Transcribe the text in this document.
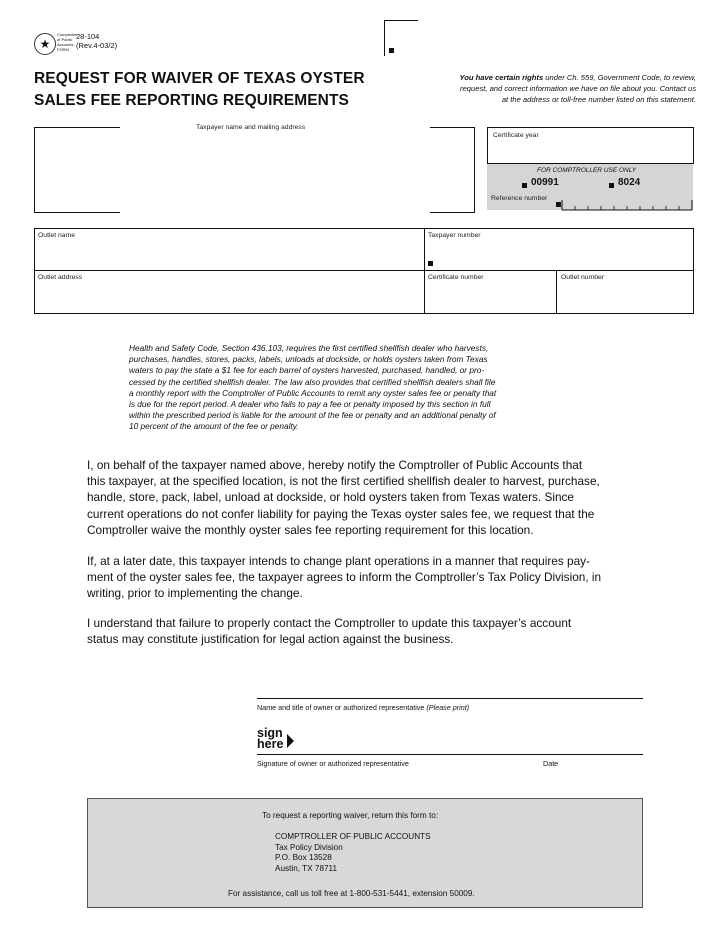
★
Comptroller of Public Accounts FORM
28-104
(Rev.4-03/2)
REQUEST FOR WAIVER OF TEXAS OYSTER
SALES FEE REPORTING REQUIREMENTS
You have certain rights under Ch. 559, Government Code, to review,
request, and correct information we have on file about you. Contact us
at the address or toll-free number listed on this statement.
Taxpayer name and mailing address
Certificate year
FOR COMPTROLLER USE ONLY
00991	8024
Reference number
Outlet name	Taxpayer number
Outlet address	Certificate number	Outlet number
Health and Safety Code, Section 436.103, requires the first certified shellfish dealer who harvests,
purchases, handles, stores, packs, labels, unloads at dockside, or holds oysters taken from Texas
waters to pay the state a $1 fee for each barrel of oysters harvested, purchased, handled, or pro-
cessed by the certified shellfish dealer. The law also provides that certified shellfish dealers shall file
a monthly report with the Comptroller of Public Accounts to remit any oyster sales fee or penalty that
is due for the report period. A dealer who fails to pay a fee or penalty imposed by this section in full
within the prescribed period is liable for the amount of the fee or penalty and an additional penalty of
10 percent of the amount of the fee or penalty.
I, on behalf of the taxpayer named above, hereby notify the Comptroller of Public Accounts that
this taxpayer, at the specified location, is not the first certified shellfish dealer to harvest, purchase,
handle, store, pack, label, unload at dockside, or hold oysters taken from Texas waters. Since
current operations do not confer liability for paying the Texas oyster sales fee, we request that the
Comptroller waive the monthly oyster sales fee reporting requirement for this location.
If, at a later date, this taxpayer intends to change plant operations in a manner that requires pay-
ment of the oyster sales fee, the taxpayer agrees to inform the Comptroller’s Tax Policy Division, in
writing, prior to implementing the change.
I understand that failure to properly contact the Comptroller to update this taxpayer’s account
status may constitute justification for legal action against the business.
Name and title of owner or authorized representative (Please print)
sign
here
Signature of owner or authorized representative	Date
To request a reporting waiver, return this form to:
COMPTROLLER OF PUBLIC ACCOUNTS
Tax Policy Division
P.O. Box 13528
Austin, TX 78711
For assistance, call us toll free at 1-800-531-5441, extension 50009.
